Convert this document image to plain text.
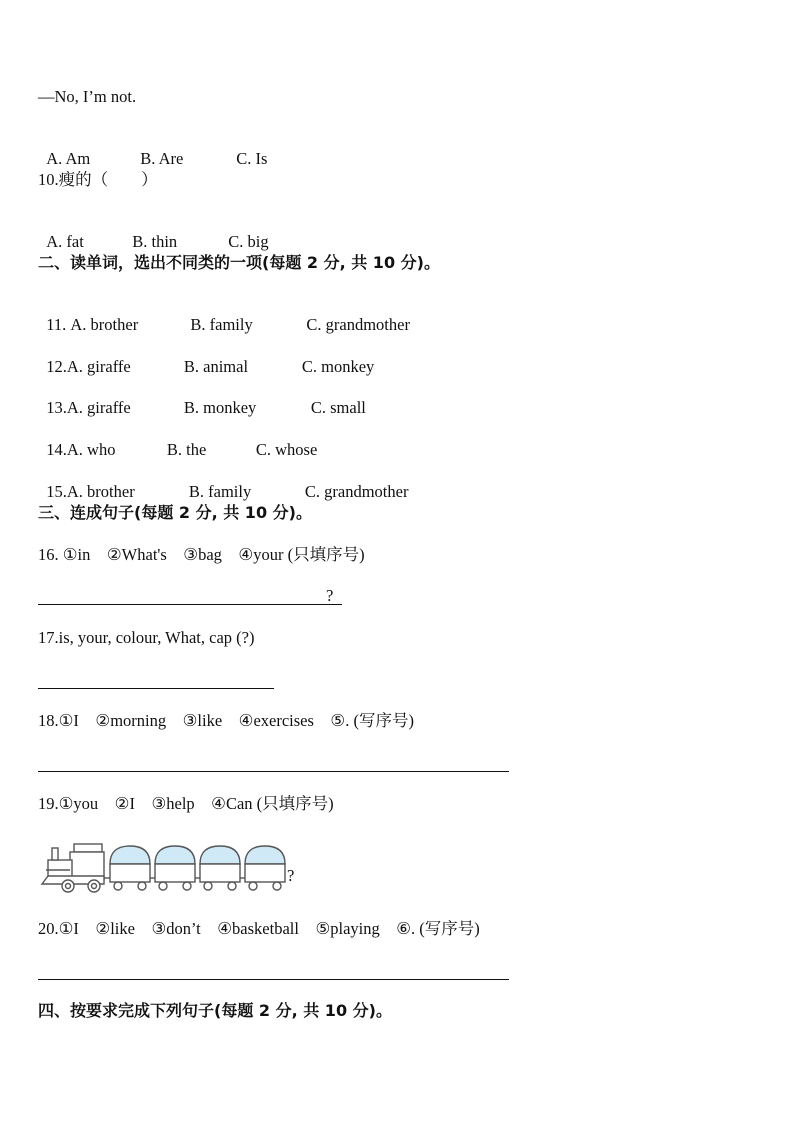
—No, I’m not.

A. Am	B. Are	C. Is

10.瘦的（　　）

A. fat	B. thin	C. big

二、读单词，选出不同类的一项(每题 2 分, 共 10 分)。

11. A. brother	B. family	C. grandmother

12.A. giraffe	B. animal	C. monkey

13.A. giraffe	B. monkey	C. small

14.A. who	B. the	C. whose

15.A. brother	B. family	C. grandmother

三、连成句子(每题 2 分, 共 10 分)。
16. ①in　②What's　③bag　④your (只填序号)
?
17.is, your, colour, What, cap (?)
18.①I　②morning　③like　④exercises　⑤. (写序号)
19.①you　②I　③help　④Can (只填序号)
?
20.①I　②like　③don’t　④basketball　⑤playing　⑥. (写序号)
四、按要求完成下列句子(每题 2 分, 共 10 分)。
